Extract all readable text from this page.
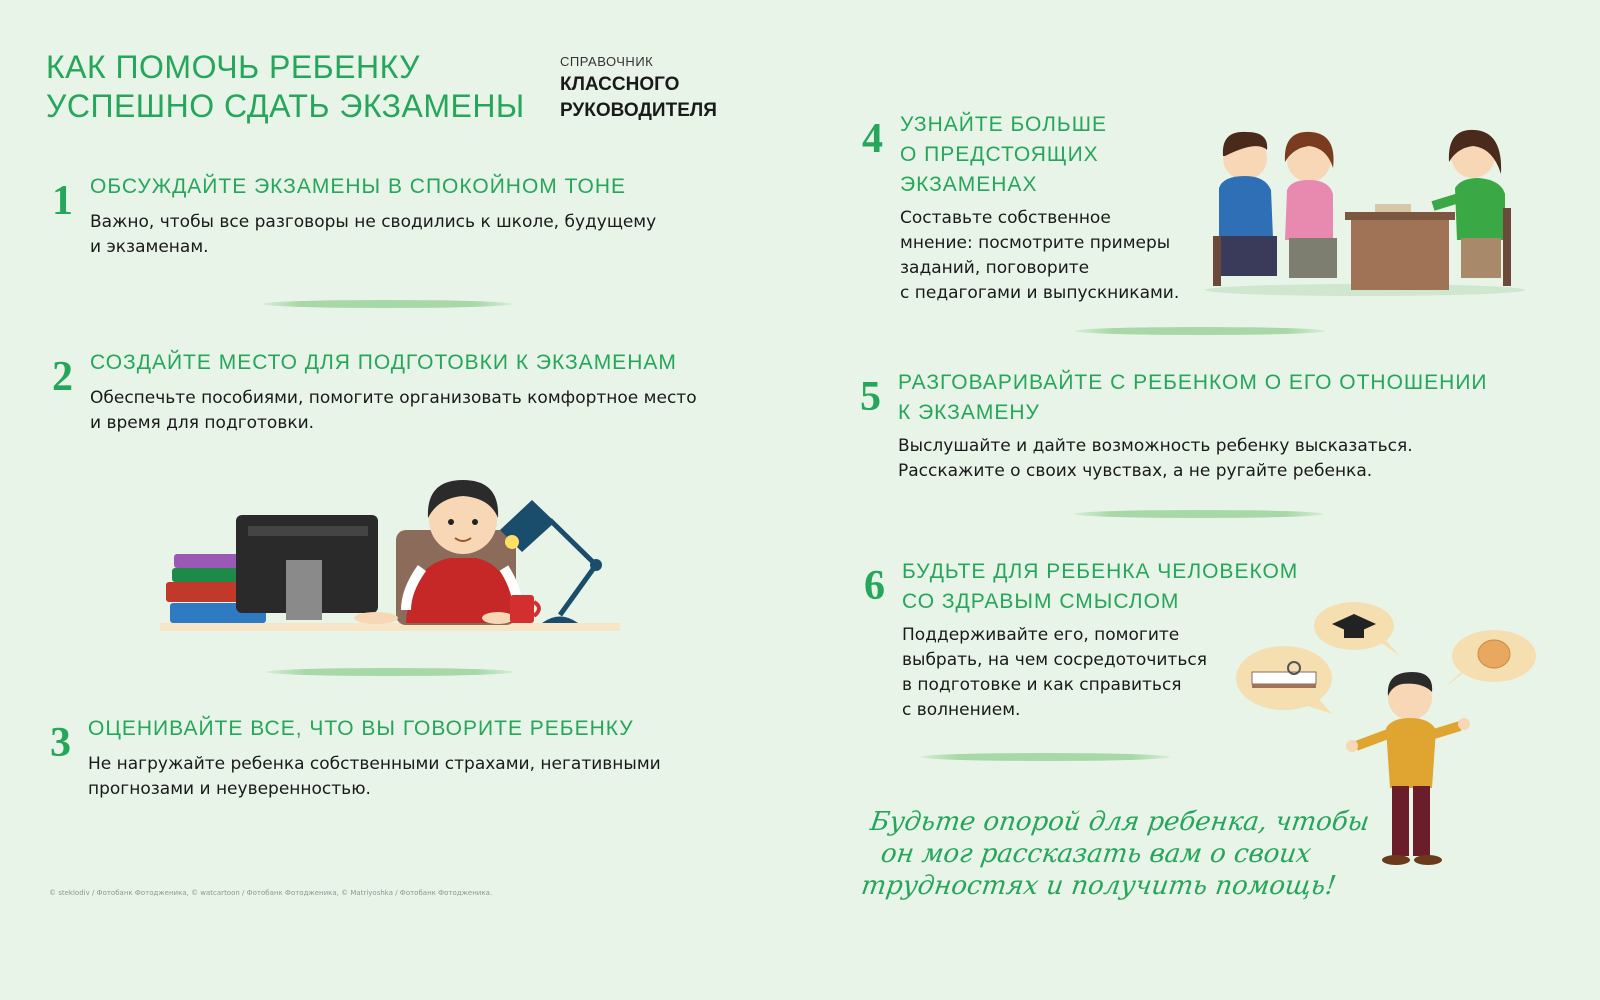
КАК ПОМОЧЬ РЕБЕНКУ
УСПЕШНО СДАТЬ ЭКЗАМЕНЫ
СПРАВОЧНИК
КЛАССНОГО
РУКОВОДИТЕЛЯ
1 ОБСУЖДАЙТЕ ЭКЗАМЕНЫ В СПОКОЙНОМ ТОНЕ
Важно, чтобы все разговоры не сводились к школе, будущему
и экзаменам.
2 СОЗДАЙТЕ МЕСТО ДЛЯ ПОДГОТОВКИ К ЭКЗАМЕНАМ
Обеспечьте пособиями, помогите организовать комфортное место
и время для подготовки.
3 ОЦЕНИВАЙТЕ ВСЕ, ЧТО ВЫ ГОВОРИТЕ РЕБЕНКУ
Не нагружайте ребенка собственными страхами, негативными
прогнозами и неуверенностью.
© steklodiv / Фотобанк Фотодженика, © watcartoon / Фотобанк Фотодженика, © Matriyoshka / Фотобанк Фотодженика.
4 УЗНАЙТЕ БОЛЬШЕ
О ПРЕДСТОЯЩИХ
ЭКЗАМЕНАХ
Составьте собственное
мнение: посмотрите примеры
заданий, поговорите
с педагогами и выпускниками.
5 РАЗГОВАРИВАЙТЕ С РЕБЕНКОМ О ЕГО ОТНОШЕНИИ
К ЭКЗАМЕНУ
Выслушайте и дайте возможность ребенку высказаться.
Расскажите о своих чувствах, а не ругайте ребенка.
6 БУДЬТЕ ДЛЯ РЕБЕНКА ЧЕЛОВЕКОМ
СО ЗДРАВЫМ СМЫСЛОМ
Поддерживайте его, помогите
выбрать, на чем сосредоточиться
в подготовке и как справиться
с волнением.
Будьте опорой для ребенка, чтобы
он мог рассказать вам о своих
трудностях и получить помощь!
